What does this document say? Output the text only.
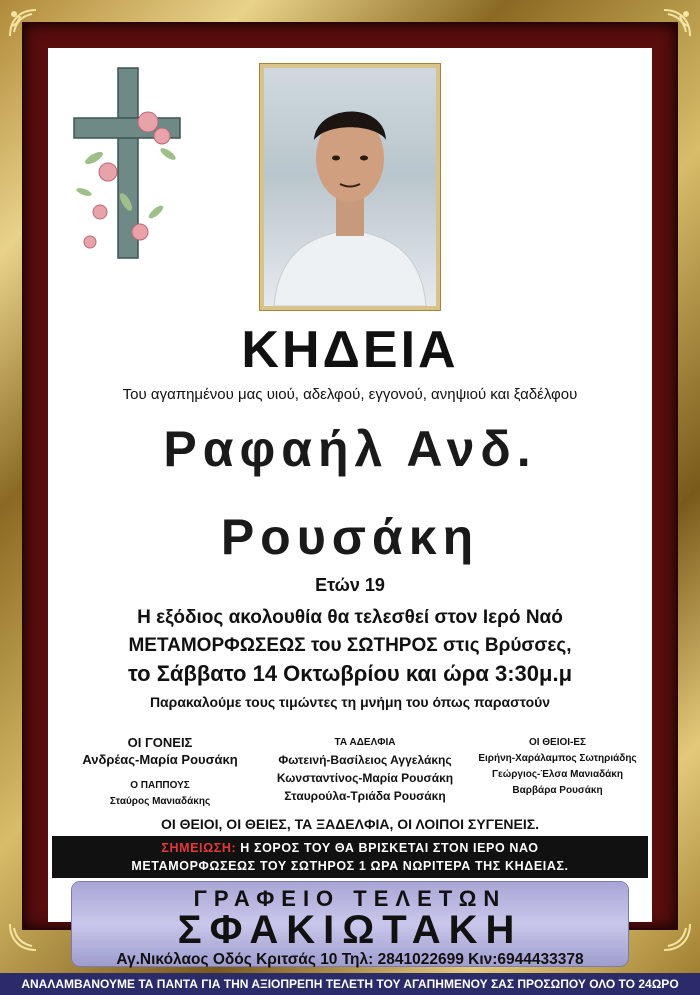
ΚΗΔΕΙΑ
Του αγαπημένου μας υιού, αδελφού, εγγονού, ανηψιού και ξαδέλφου
Ραφαήλ Ανδ.
Ρουσάκη
Ετών 19
Η εξόδιος ακολουθία θα τελεσθεί στον Ιερό Ναό
ΜΕΤΑΜΟΡΦΩΣΕΩΣ του ΣΩΤΗΡΟΣ στις Βρύσσες,
το Σάββατο 14 Οκτωβρίου και ώρα 3:30μ.μ
Παρακαλούμε τους τιμώντες τη μνήμη του όπως παραστούν
ΟΙ ΓΟΝΕΙΣ
Ανδρέας-Μαρία Ρουσάκη
Ο ΠΑΠΠΟΥΣ
Σταύρος Μανιαδάκης
ΤΑ ΑΔΕΛΦΙΑ
Φωτεινή-Βασίλειος Αγγελάκης
Κωνσταντίνος-Μαρία Ρουσάκη
Σταυρούλα-Τριάδα Ρουσάκη
ΟΙ ΘΕΙΟΙ-ΕΣ
Ειρήνη-Χαράλαμπος Σωτηριάδης
Γεώργιος-Έλσα Μανιαδάκη
Βαρβάρα Ρουσάκη
ΟΙ ΘΕΙΟΙ, ΟΙ ΘΕΙΕΣ, ΤΑ ΞΑΔΕΛΦΙΑ, ΟΙ ΛΟΙΠΟΙ ΣΥΓΕΝΕΙΣ.
ΣΗΜΕΙΩΣΗ: Η ΣΟΡΟΣ ΤΟΥ ΘΑ ΒΡΙΣΚΕΤΑΙ ΣΤΟΝ ΙΕΡΟ ΝΑΟ
ΜΕΤΑΜΟΡΦΩΣΕΩΣ ΤΟΥ ΣΩΤΗΡΟΣ 1 ΩΡΑ ΝΩΡΙΤΕΡΑ ΤΗΣ ΚΗΔΕΙΑΣ.
ΓΡΑΦΕΙΟ ΤΕΛΕΤΩΝ
ΣΦΑΚΙΩΤΑΚΗ
Αγ.Νικόλαος Οδός Κριτσάς 10 Τηλ: 2841022699 Κιν:6944433378
ΑΝΑΛΑΜΒΑΝΟΥΜΕ ΤΑ ΠΑΝΤΑ ΓΙΑ ΤΗΝ ΑΞΙΟΠΡΕΠΗ ΤΕΛΕΤΗ ΤΟΥ ΑΓΑΠΗΜΕΝΟΥ ΣΑΣ ΠΡΟΣΩΠΟΥ ΟΛΟ ΤΟ 24ΩΡΟ
